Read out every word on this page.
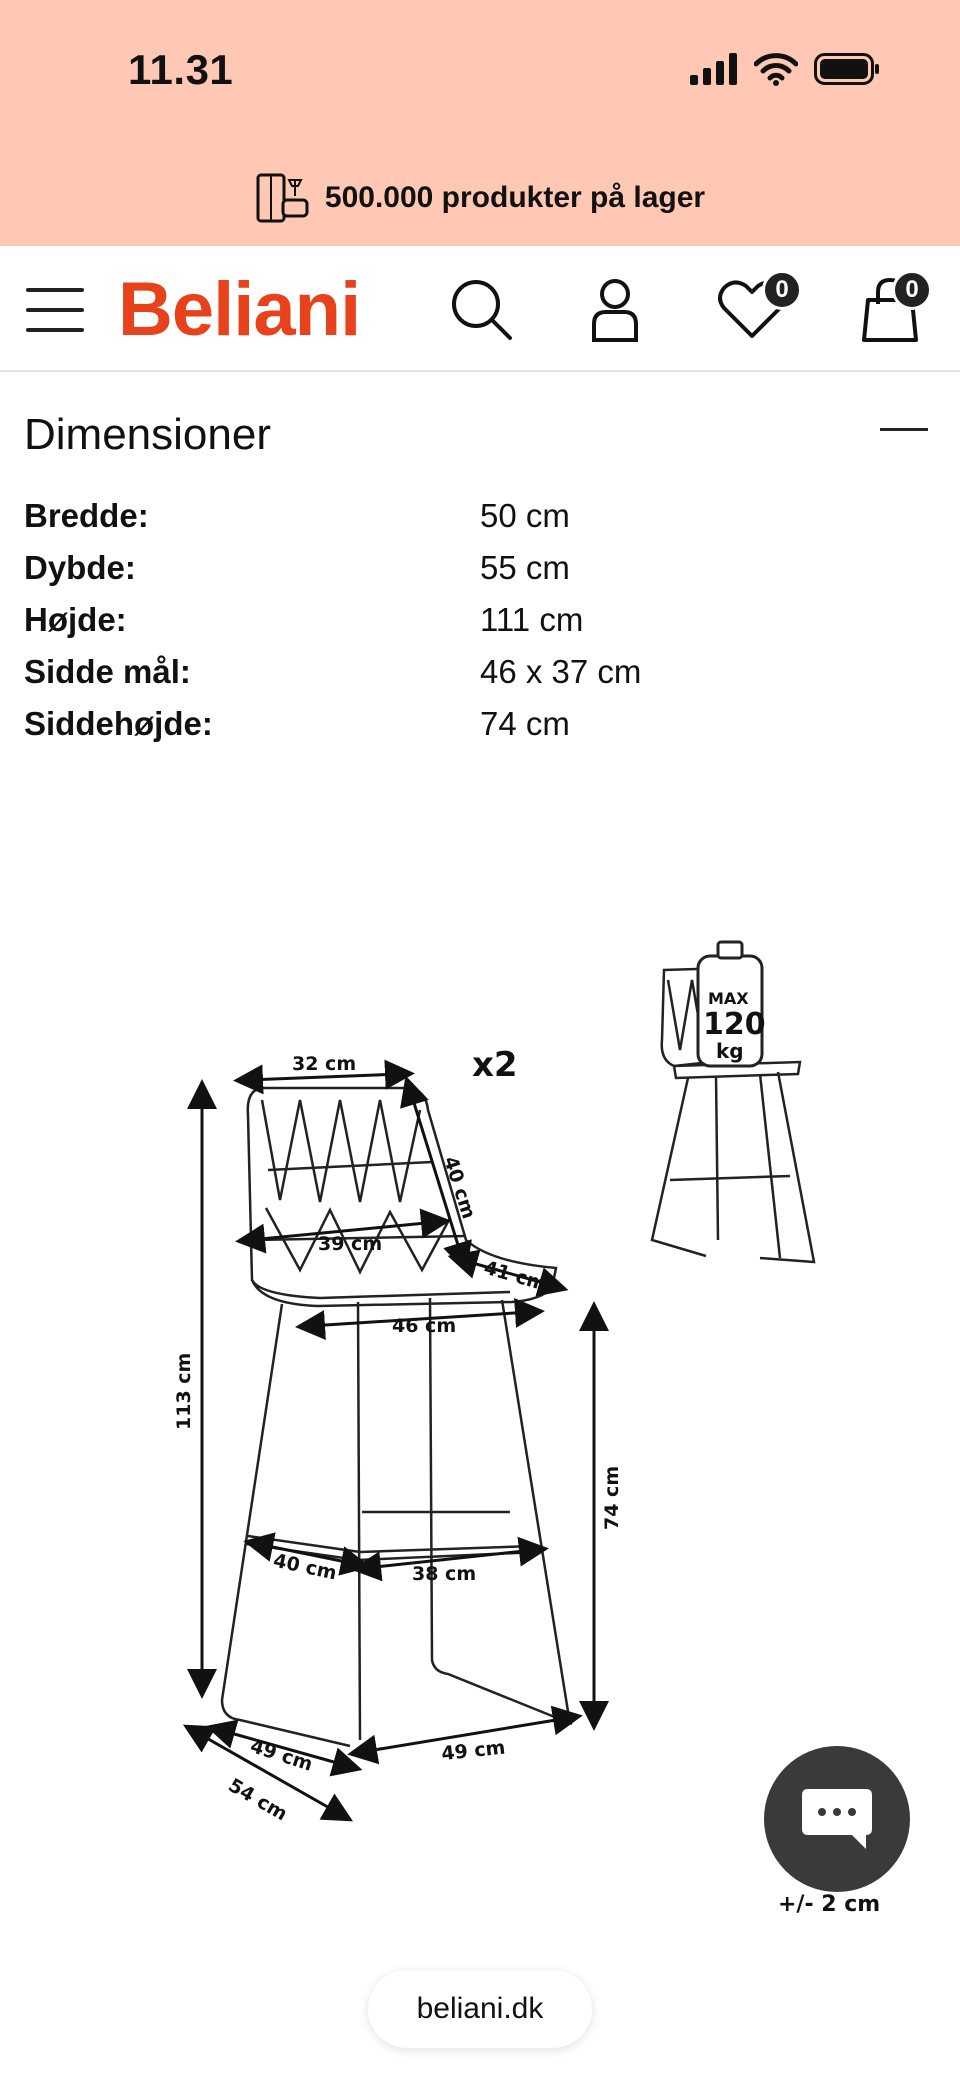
11.31
500.000 produkter på lager
Beliani	0	0
Dimensioner
Bredde:	50 cm
Dybde:	55 cm
Højde:	111 cm
Sidde mål:	46 x 37 cm
Siddehøjde:	74 cm
32 cm
40 cm
39 cm
41 cm
46 cm
113 cm
74 cm
40 cm	38 cm
49 cm	49 cm
54 cm
x2
MAX
120
kg
+/- 2 cm
beliani.dk
